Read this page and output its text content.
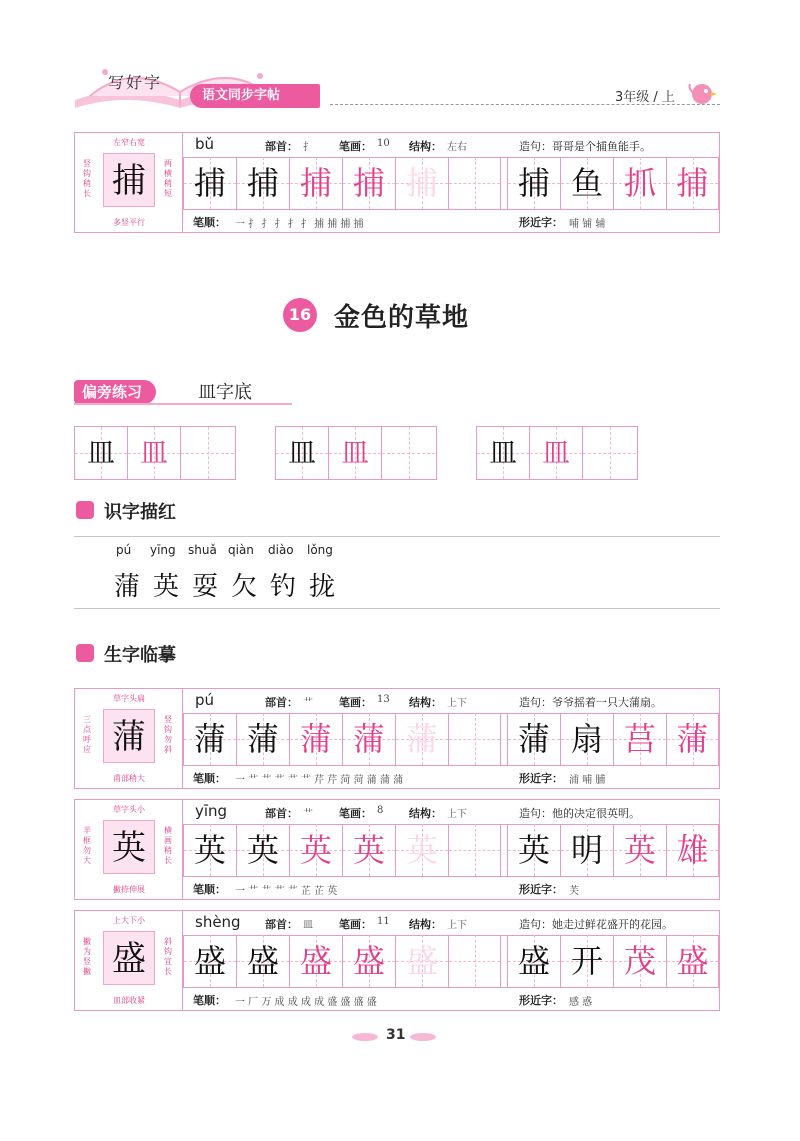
写好字
语文同步字帖	3年级 / 上
左窄右宽
竖钩稍长 捕	两横稍短
多竖平行
bǔ	部首： 扌 笔画： 10 结构： 左右	造句：哥哥是个捕鱼能手。
捕 捕 捕 捕 捕	捕 鱼 抓 捕
笔顺： 一 扌 扌 扌 扌 扌 捕 捕 捕 捕	形近字： 哺 铺 辅
16 金色的草地
偏旁练习	皿字底
皿 皿	皿 皿	皿 皿
识字描红
pú yīng shuǎ qiàn diào lǒng
蒲 英 耍 欠 钓 拢
生字临摹
草字头扁
三点呼应 蒲	竖钩勿斜
甫部稍大
pú	部首： 艹 笔画： 13 结构： 上下	造句：爷爷摇着一只大蒲扇。
蒲 蒲 蒲 蒲 蒲	蒲 扇 莒 蒲
笔顺： 一 艹 艹 艹 艹 艹 芹 芹 菏 菏 蒲 蒲 蒲	形近字： 浦 哺 脯
草字头小
半框勿大 英	横画稍长
撇捺伸展
yīng	部首： 艹 笔画： 8 结构： 上下	造句：他的决定很英明。
英 英 英 英 英	英 明 英 雄
笔顺： 一 艹 艹 艹 艹 芷 芷 英	形近字： 芙
上大下小
撇为竖撇 盛	斜钩宜长
皿部收紧
shèng 部首： 皿 笔画： 11 结构： 上下	造句：她走过鲜花盛开的花园。
盛 盛 盛 盛 盛	盛 开 茂 盛
笔顺： 一 厂 万 成 成 成 成 盛 盛 盛 盛	形近字： 感 惑
31
